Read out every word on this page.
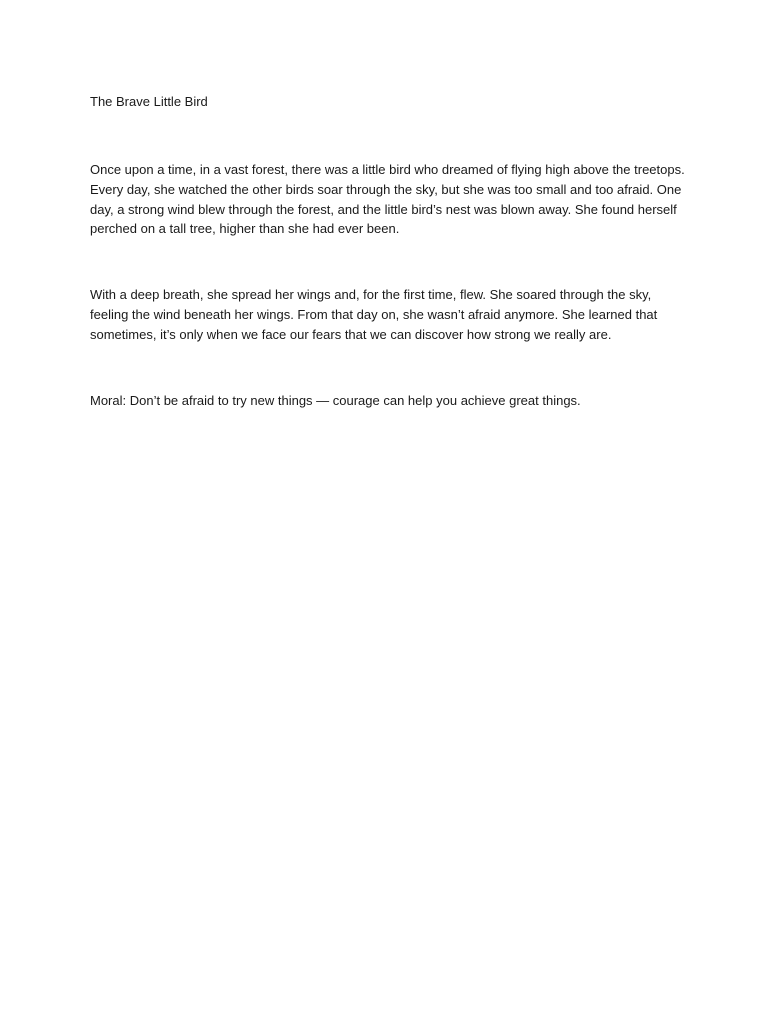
The Brave Little Bird

Once upon a time, in a vast forest, there was a little bird who dreamed of flying high above the treetops. Every day, she watched the other birds soar through the sky, but she was too small and too afraid. One day, a strong wind blew through the forest, and the little bird’s nest was blown away. She found herself perched on a tall tree, higher than she had ever been.

With a deep breath, she spread her wings and, for the first time, flew. She soared through the sky, feeling the wind beneath her wings. From that day on, she wasn’t afraid anymore. She learned that sometimes, it’s only when we face our fears that we can discover how strong we really are.

Moral: Don’t be afraid to try new things — courage can help you achieve great things.
